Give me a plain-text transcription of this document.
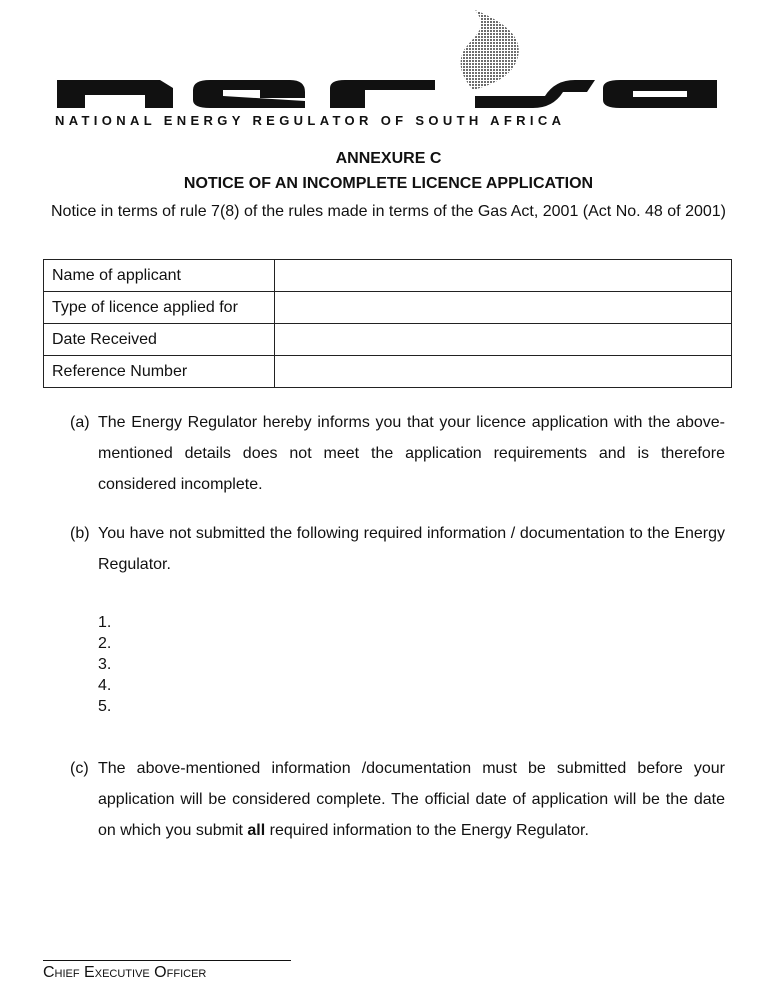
NATIONAL ENERGY REGULATOR OF SOUTH AFRICA
ANNEXURE C
NOTICE OF AN INCOMPLETE LICENCE APPLICATION
Notice in terms of rule 7(8) of the rules made in terms of the Gas Act, 2001 (Act No. 48 of 2001)
Name of applicant	
Type of licence applied for	
Date Received	
Reference Number	
(a) The Energy Regulator hereby informs you that your licence application with the above-mentioned details does not meet the application requirements and is therefore considered incomplete.
(b) You have not submitted the following required information / documentation to the Energy Regulator.
1.
2.
3.
4.
5.
(c) The above-mentioned information /documentation must be submitted before your application will be considered complete. The official date of application will be the date on which you submit all required information to the Energy Regulator.
Chief Executive Officer
